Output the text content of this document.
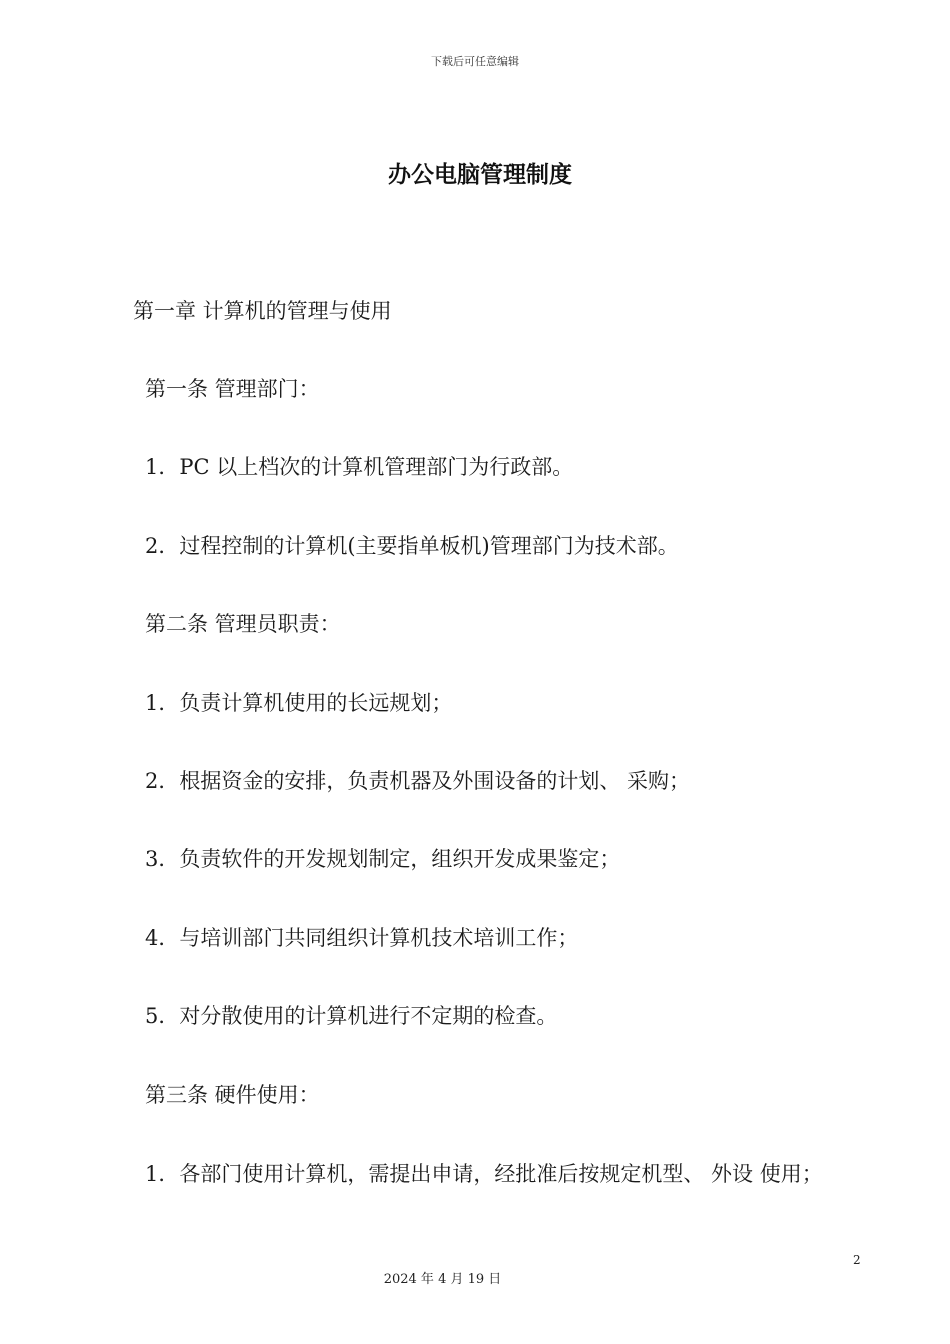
下载后可任意编辑
办公电脑管理制度
第一章 计算机的管理与使用
第一条 管理部门：
1．PC 以上档次的计算机管理部门为行政部。
2．过程控制的计算机(主要指单板机)管理部门为技术部。
第二条 管理员职责：
1．负责计算机使用的长远规划；
2．根据资金的安排，负责机器及外围设备的计划、 采购；
3．负责软件的开发规划制定，组织开发成果鉴定；
4．与培训部门共同组织计算机技术培训工作；
5．对分散使用的计算机进行不定期的检查。
第三条 硬件使用：
1．各部门使用计算机，需提出申请，经批准后按规定机型、 外设 使用；
2
2024 年 4 月 19 日
